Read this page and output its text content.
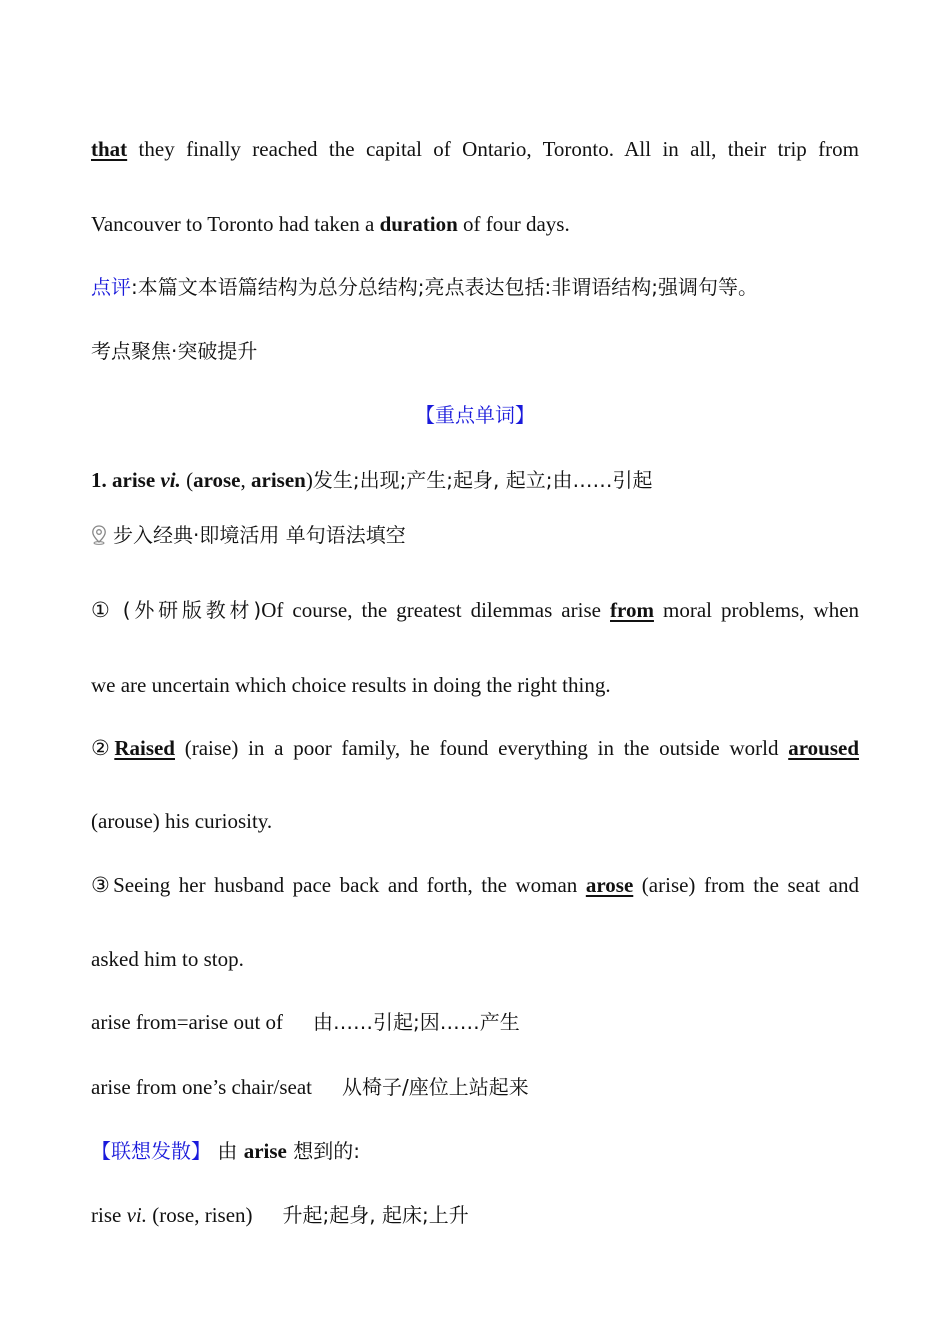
that they finally reached the capital of Ontario, Toronto. All in all, their trip from
Vancouver to Toronto had taken a duration of four days.
点评:本篇文本语篇结构为总分总结构;亮点表达包括:非谓语结构;强调句等。
考点聚焦·突破提升
【重点单词】
1. arise vi. (arose, arisen)发生;出现;产生;起身, 起立;由……引起
步入经典·即境活用 单句语法填空
① (外研版教材)Of course, the greatest dilemmas arise from moral problems, when
we are uncertain which choice results in doing the right thing.
②Raised (raise) in a poor family, he found everything in the outside world aroused
(arouse) his curiosity.
③Seeing her husband pace back and forth, the woman arose (arise) from the seat and
asked him to stop.
arise from=arise out of 由……引起;因……产生
arise from one’s chair/seat 从椅子/座位上站起来
【联想发散】 由 arise 想到的:
rise vi. (rose, risen) 升起;起身, 起床;上升
